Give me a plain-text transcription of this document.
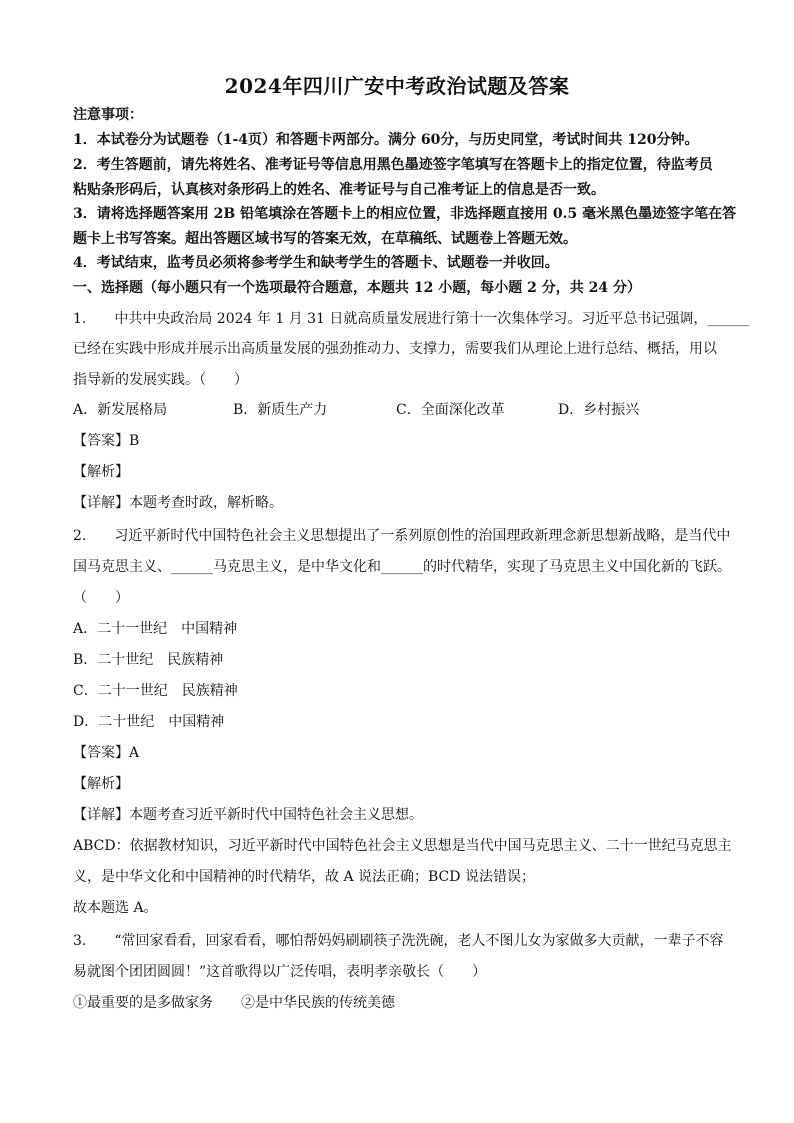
2024年四川广安中考政治试题及答案
注意事项：
1．本试卷分为试题卷（1-4页）和答题卡两部分。满分 60分，与历史同堂，考试时间共 120分钟。
2．考生答题前，请先将姓名、准考证号等信息用黑色墨迹签字笔填写在答题卡上的指定位置，待监考员
粘贴条形码后，认真核对条形码上的姓名、准考证号与自己准考证上的信息是否一致。
3．请将选择题答案用 2B 铅笔填涂在答题卡上的相应位置，非选择题直接用 0.5 毫米黑色墨迹签字笔在答
题卡上书写答案。超出答题区域书写的答案无效，在草稿纸、试题卷上答题无效。
4．考试结束，监考员必须将参考学生和缺考学生的答题卡、试题卷一并收回。
一、选择题（每小题只有一个选项最符合题意，本题共 12 小题，每小题 2 分，共 24 分）
1.　　中共中央政治局 2024 年 1 月 31 日就高质量发展进行第十一次集体学习。习近平总书记强调，______
已经在实践中形成并展示出高质量发展的强劲推动力、支撑力，需要我们从理论上进行总结、概括，用以
指导新的发展实践。（　　）
A．新发展格局	B．新质生产力	C．全面深化改革	D．乡村振兴
【答案】B
【解析】
【详解】本题考查时政，解析略。
2.　　习近平新时代中国特色社会主义思想提出了一系列原创性的治国理政新理念新思想新战略，是当代中
国马克思主义、______马克思主义，是中华文化和______的时代精华，实现了马克思主义中国化新的飞跃。
（　　）
A．二十一世纪　中国精神
B．二十世纪　民族精神
C．二十一世纪　民族精神
D．二十世纪　中国精神
【答案】A
【解析】
【详解】本题考查习近平新时代中国特色社会主义思想。
ABCD：依据教材知识，习近平新时代中国特色社会主义思想是当代中国马克思主义、二十一世纪马克思主
义，是中华文化和中国精神的时代精华，故 A 说法正确；BCD 说法错误；
故本题选 A。
3.　　“常回家看看，回家看看，哪怕帮妈妈刷刷筷子洗洗碗，老人不图儿女为家做多大贡献，一辈子不容
易就图个团团圆圆！”这首歌得以广泛传唱，表明孝亲敬长（　　）
①最重要的是多做家务　　②是中华民族的传统美德
